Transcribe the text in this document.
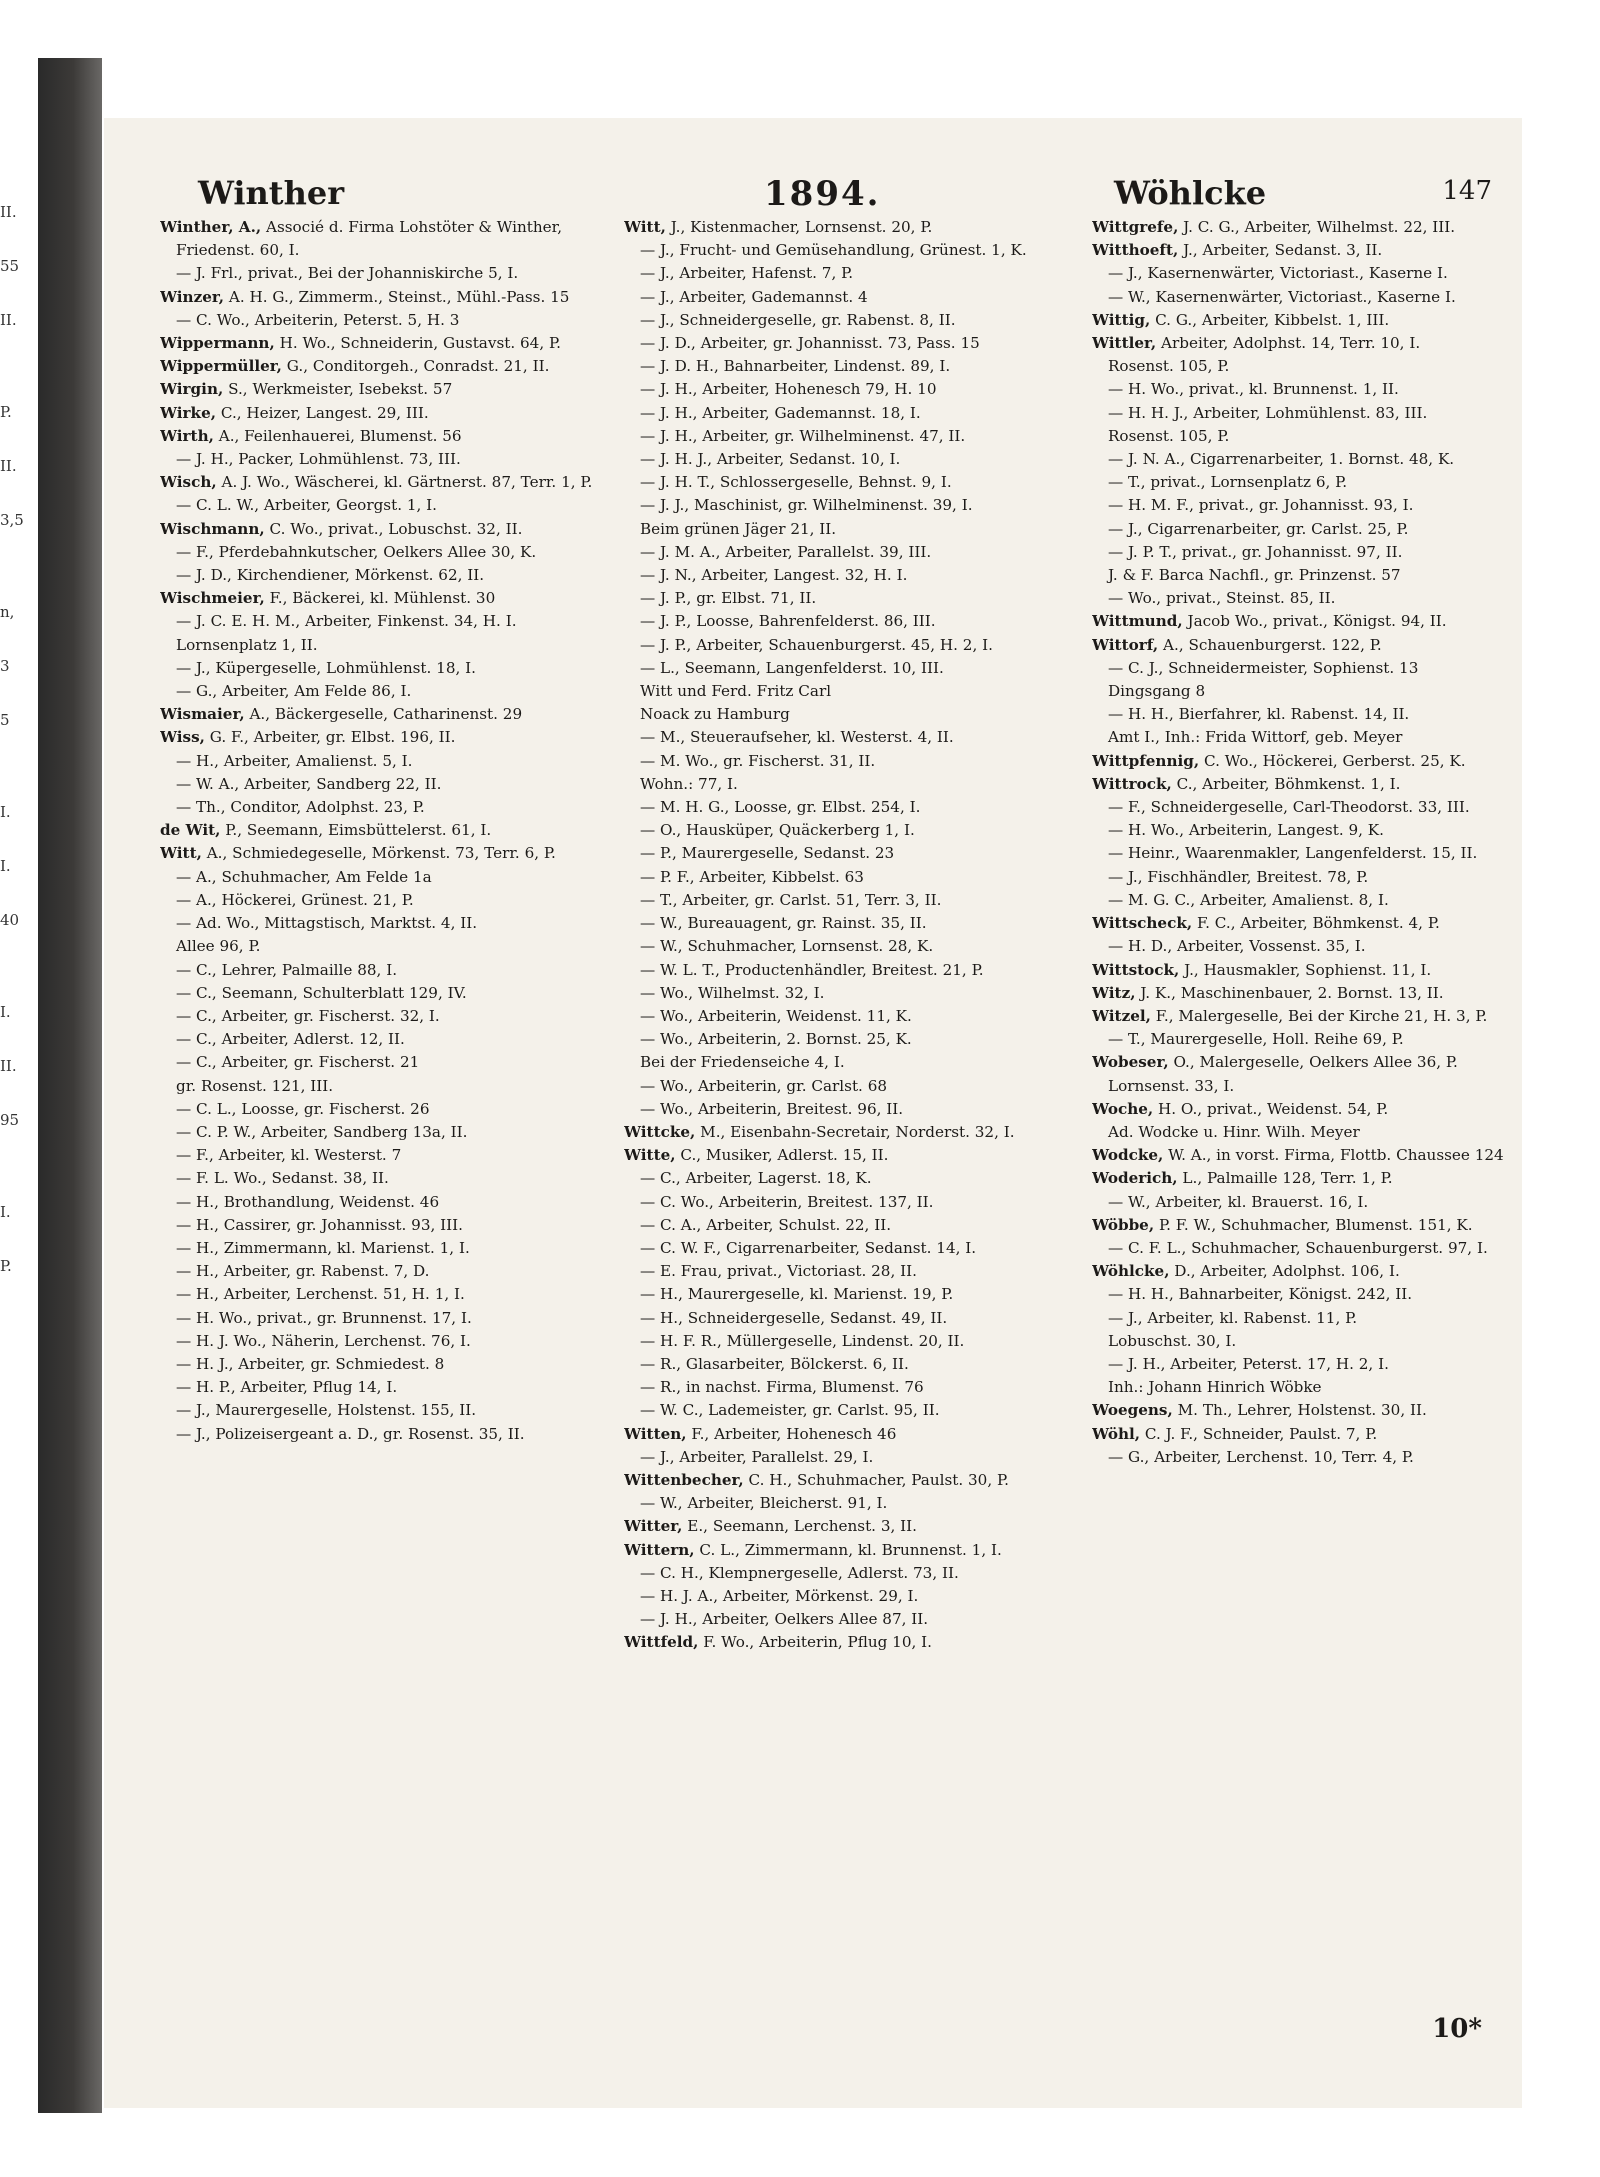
II.
55
II.
P.
II.
3,5
n,
3
5
I.
I.
40
I.
II.
95
I.
P.
Winther	1894.	Wöhlcke	147
Winther, A., Associé d. Firma Lohstöter & Winther,
Friedenst. 60, I.
— J. Frl., privat., Bei der Johanniskirche 5, I.
Winzer, A. H. G., Zimmerm., Steinst., Mühl.-Pass. 15
— C. Wo., Arbeiterin, Peterst. 5, H. 3
Wippermann, H. Wo., Schneiderin, Gustavst. 64, P.
Wippermüller, G., Conditorgeh., Conradst. 21, II.
Wirgin, S., Werkmeister, Isebekst. 57
Wirke, C., Heizer, Langest. 29, III.
Wirth, A., Feilenhauerei, Blumenst. 56
— J. H., Packer, Lohmühlenst. 73, III.
Wisch, A. J. Wo., Wäscherei, kl. Gärtnerst. 87, Terr. 1, P.
— C. L. W., Arbeiter, Georgst. 1, I.
Wischmann, C. Wo., privat., Lobuschst. 32, II.
— F., Pferdebahnkutscher, Oelkers Allee 30, K.
— J. D., Kirchendiener, Mörkenst. 62, II.
Wischmeier, F., Bäckerei, kl. Mühlenst. 30
— J. C. E. H. M., Arbeiter, Finkenst. 34, H. I.
Lornsenplatz 1, II.
— J., Küpergeselle, Lohmühlenst. 18, I.
— G., Arbeiter, Am Felde 86, I.
Wismaier, A., Bäckergeselle, Catharinenst. 29
Wiss, G. F., Arbeiter, gr. Elbst. 196, II.
— H., Arbeiter, Amalienst. 5, I.
— W. A., Arbeiter, Sandberg 22, II.
— Th., Conditor, Adolphst. 23, P.
de Wit, P., Seemann, Eimsbüttelerst. 61, I.
Witt, A., Schmiedegeselle, Mörkenst. 73, Terr. 6, P.
— A., Schuhmacher, Am Felde 1a
— A., Höckerei, Grünest. 21, P.
— Ad. Wo., Mittagstisch, Marktst. 4, II.
Allee 96, P.
— C., Lehrer, Palmaille 88, I.
— C., Seemann, Schulterblatt 129, IV.
— C., Arbeiter, gr. Fischerst. 32, I.
— C., Arbeiter, Adlerst. 12, II.
— C., Arbeiter, gr. Fischerst. 21
gr. Rosenst. 121, III.
— C. L., Loosse, gr. Fischerst. 26
— C. P. W., Arbeiter, Sandberg 13a, II.
— F., Arbeiter, kl. Westerst. 7
— F. L. Wo., Sedanst. 38, II.
— H., Brothandlung, Weidenst. 46
— H., Cassirer, gr. Johannisst. 93, III.
— H., Zimmermann, kl. Marienst. 1, I.
— H., Arbeiter, gr. Rabenst. 7, D.
— H., Arbeiter, Lerchenst. 51, H. 1, I.
— H. Wo., privat., gr. Brunnenst. 17, I.
— H. J. Wo., Näherin, Lerchenst. 76, I.
— H. J., Arbeiter, gr. Schmiedest. 8
— H. P., Arbeiter, Pflug 14, I.
— J., Maurergeselle, Holstenst. 155, II.
— J., Polizeisergeant a. D., gr. Rosenst. 35, II.
Witt, J., Kistenmacher, Lornsenst. 20, P.
— J., Frucht- und Gemüsehandlung, Grünest. 1, K.
— J., Arbeiter, Hafenst. 7, P.
— J., Arbeiter, Gademannst. 4
— J., Schneidergeselle, gr. Rabenst. 8, II.
— J. D., Arbeiter, gr. Johannisst. 73, Pass. 15
— J. D. H., Bahnarbeiter, Lindenst. 89, I.
— J. H., Arbeiter, Hohenesch 79, H. 10
— J. H., Arbeiter, Gademannst. 18, I.
— J. H., Arbeiter, gr. Wilhelminenst. 47, II.
— J. H. J., Arbeiter, Sedanst. 10, I.
— J. H. T., Schlossergeselle, Behnst. 9, I.
— J. J., Maschinist, gr. Wilhelminenst. 39, I.
Beim grünen Jäger 21, II.
— J. M. A., Arbeiter, Parallelst. 39, III.
— J. N., Arbeiter, Langest. 32, H. I.
— J. P., gr. Elbst. 71, II.
— J. P., Loosse, Bahrenfelderst. 86, III.
— J. P., Arbeiter, Schauenburgerst. 45, H. 2, I.
— L., Seemann, Langenfelderst. 10, III.
Witt und Ferd. Fritz Carl
Noack zu Hamburg
— M., Steueraufseher, kl. Westerst. 4, II.
— M. Wo., gr. Fischerst. 31, II.
Wohn.: 77, I.
— M. H. G., Loosse, gr. Elbst. 254, I.
— O., Hausküper, Quäckerberg 1, I.
— P., Maurergeselle, Sedanst. 23
— P. F., Arbeiter, Kibbelst. 63
— T., Arbeiter, gr. Carlst. 51, Terr. 3, II.
— W., Bureauagent, gr. Rainst. 35, II.
— W., Schuhmacher, Lornsenst. 28, K.
— W. L. T., Productenhändler, Breitest. 21, P.
— Wo., Wilhelmst. 32, I.
— Wo., Arbeiterin, Weidenst. 11, K.
— Wo., Arbeiterin, 2. Bornst. 25, K.
Bei der Friedenseiche 4, I.
— Wo., Arbeiterin, gr. Carlst. 68
— Wo., Arbeiterin, Breitest. 96, II.
Wittcke, M., Eisenbahn-Secretair, Norderst. 32, I.
Witte, C., Musiker, Adlerst. 15, II.
— C., Arbeiter, Lagerst. 18, K.
— C. Wo., Arbeiterin, Breitest. 137, II.
— C. A., Arbeiter, Schulst. 22, II.
— C. W. F., Cigarrenarbeiter, Sedanst. 14, I.
— E. Frau, privat., Victoriast. 28, II.
— H., Maurergeselle, kl. Marienst. 19, P.
— H., Schneidergeselle, Sedanst. 49, II.
— H. F. R., Müllergeselle, Lindenst. 20, II.
— R., Glasarbeiter, Bölckerst. 6, II.
— R., in nachst. Firma, Blumenst. 76
— W. C., Lademeister, gr. Carlst. 95, II.
Witten, F., Arbeiter, Hohenesch 46
— J., Arbeiter, Parallelst. 29, I.
Wittenbecher, C. H., Schuhmacher, Paulst. 30, P.
— W., Arbeiter, Bleicherst. 91, I.
Witter, E., Seemann, Lerchenst. 3, II.
Wittern, C. L., Zimmermann, kl. Brunnenst. 1, I.
— C. H., Klempnergeselle, Adlerst. 73, II.
— H. J. A., Arbeiter, Mörkenst. 29, I.
— J. H., Arbeiter, Oelkers Allee 87, II.
Wittfeld, F. Wo., Arbeiterin, Pflug 10, I.
Wittgrefe, J. C. G., Arbeiter, Wilhelmst. 22, III.
Witthoeft, J., Arbeiter, Sedanst. 3, II.
— J., Kasernenwärter, Victoriast., Kaserne I.
— W., Kasernenwärter, Victoriast., Kaserne I.
Wittig, C. G., Arbeiter, Kibbelst. 1, III.
Wittler, Arbeiter, Adolphst. 14, Terr. 10, I.
Rosenst. 105, P.
— H. Wo., privat., kl. Brunnenst. 1, II.
— H. H. J., Arbeiter, Lohmühlenst. 83, III.
Rosenst. 105, P.
— J. N. A., Cigarrenarbeiter, 1. Bornst. 48, K.
— T., privat., Lornsenplatz 6, P.
— H. M. F., privat., gr. Johannisst. 93, I.
— J., Cigarrenarbeiter, gr. Carlst. 25, P.
— J. P. T., privat., gr. Johannisst. 97, II.
J. & F. Barca Nachfl., gr. Prinzenst. 57
— Wo., privat., Steinst. 85, II.
Wittmund, Jacob Wo., privat., Königst. 94, II.
Wittorf, A., Schauenburgerst. 122, P.
— C. J., Schneidermeister, Sophienst. 13
Dingsgang 8
— H. H., Bierfahrer, kl. Rabenst. 14, II.
Amt I., Inh.: Frida Wittorf, geb. Meyer
Wittpfennig, C. Wo., Höckerei, Gerberst. 25, K.
Wittrock, C., Arbeiter, Böhmkenst. 1, I.
— F., Schneidergeselle, Carl-Theodorst. 33, III.
— H. Wo., Arbeiterin, Langest. 9, K.
— Heinr., Waarenmakler, Langenfelderst. 15, II.
— J., Fischhändler, Breitest. 78, P.
— M. G. C., Arbeiter, Amalienst. 8, I.
Wittscheck, F. C., Arbeiter, Böhmkenst. 4, P.
— H. D., Arbeiter, Vossenst. 35, I.
Wittstock, J., Hausmakler, Sophienst. 11, I.
Witz, J. K., Maschinenbauer, 2. Bornst. 13, II.
Witzel, F., Malergeselle, Bei der Kirche 21, H. 3, P.
— T., Maurergeselle, Holl. Reihe 69, P.
Wobeser, O., Malergeselle, Oelkers Allee 36, P.
Lornsenst. 33, I.
Woche, H. O., privat., Weidenst. 54, P.
Ad. Wodcke u. Hinr. Wilh. Meyer
Wodcke, W. A., in vorst. Firma, Flottb. Chaussee 124
Woderich, L., Palmaille 128, Terr. 1, P.
— W., Arbeiter, kl. Brauerst. 16, I.
Wöbbe, P. F. W., Schuhmacher, Blumenst. 151, K.
— C. F. L., Schuhmacher, Schauenburgerst. 97, I.
Wöhlcke, D., Arbeiter, Adolphst. 106, I.
— H. H., Bahnarbeiter, Königst. 242, II.
— J., Arbeiter, kl. Rabenst. 11, P.
Lobuschst. 30, I.
— J. H., Arbeiter, Peterst. 17, H. 2, I.
Inh.: Johann Hinrich Wöbke
Woegens, M. Th., Lehrer, Holstenst. 30, II.
Wöhl, C. J. F., Schneider, Paulst. 7, P.
— G., Arbeiter, Lerchenst. 10, Terr. 4, P.
10*
